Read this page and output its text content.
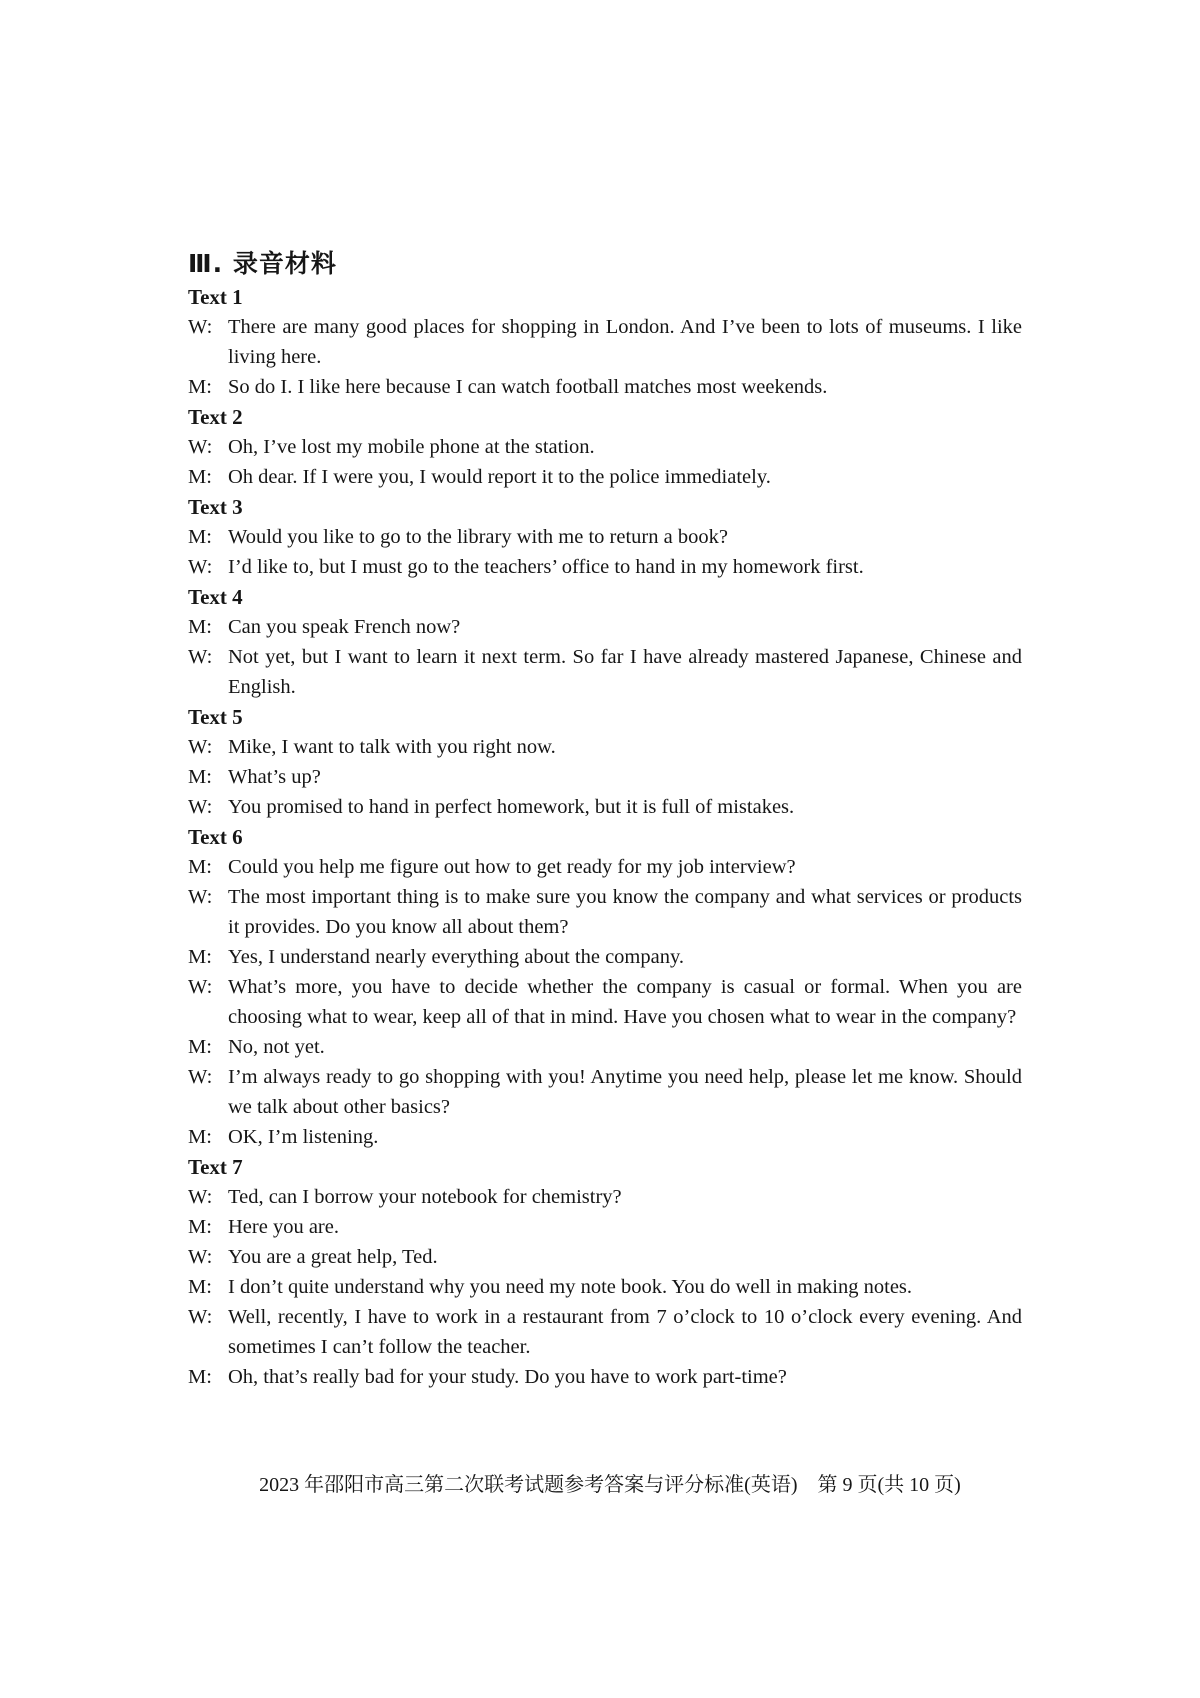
Ⅲ. 录音材料
Text 1
W: There are many good places for shopping in London. And I’ve been to lots of museums. I like living here.
M: So do I. I like here because I can watch football matches most weekends.
Text 2
W: Oh, I’ve lost my mobile phone at the station.
M: Oh dear. If I were you, I would report it to the police immediately.
Text 3
M: Would you like to go to the library with me to return a book?
W: I’d like to, but I must go to the teachers’ office to hand in my homework first.
Text 4
M: Can you speak French now?
W: Not yet, but I want to learn it next term. So far I have already mastered Japanese, Chinese and English.
Text 5
W: Mike, I want to talk with you right now.
M: What’s up?
W: You promised to hand in perfect homework, but it is full of mistakes.
Text 6
M: Could you help me figure out how to get ready for my job interview?
W: The most important thing is to make sure you know the company and what services or products it provides. Do you know all about them?
M: Yes, I understand nearly everything about the company.
W: What’s more, you have to decide whether the company is casual or formal. When you are choosing what to wear, keep all of that in mind. Have you chosen what to wear in the company?
M: No, not yet.
W: I’m always ready to go shopping with you! Anytime you need help, please let me know. Should we talk about other basics?
M: OK, I’m listening.
Text 7
W: Ted, can I borrow your notebook for chemistry?
M: Here you are.
W: You are a great help, Ted.
M: I don’t quite understand why you need my note book. You do well in making notes.
W: Well, recently, I have to work in a restaurant from 7 o’clock to 10 o’clock every evening. And sometimes I can’t follow the teacher.
M: Oh, that’s really bad for your study. Do you have to work part-time?
2023 年邵阳市高三第二次联考试题参考答案与评分标准(英语)　第 9 页(共 10 页)
